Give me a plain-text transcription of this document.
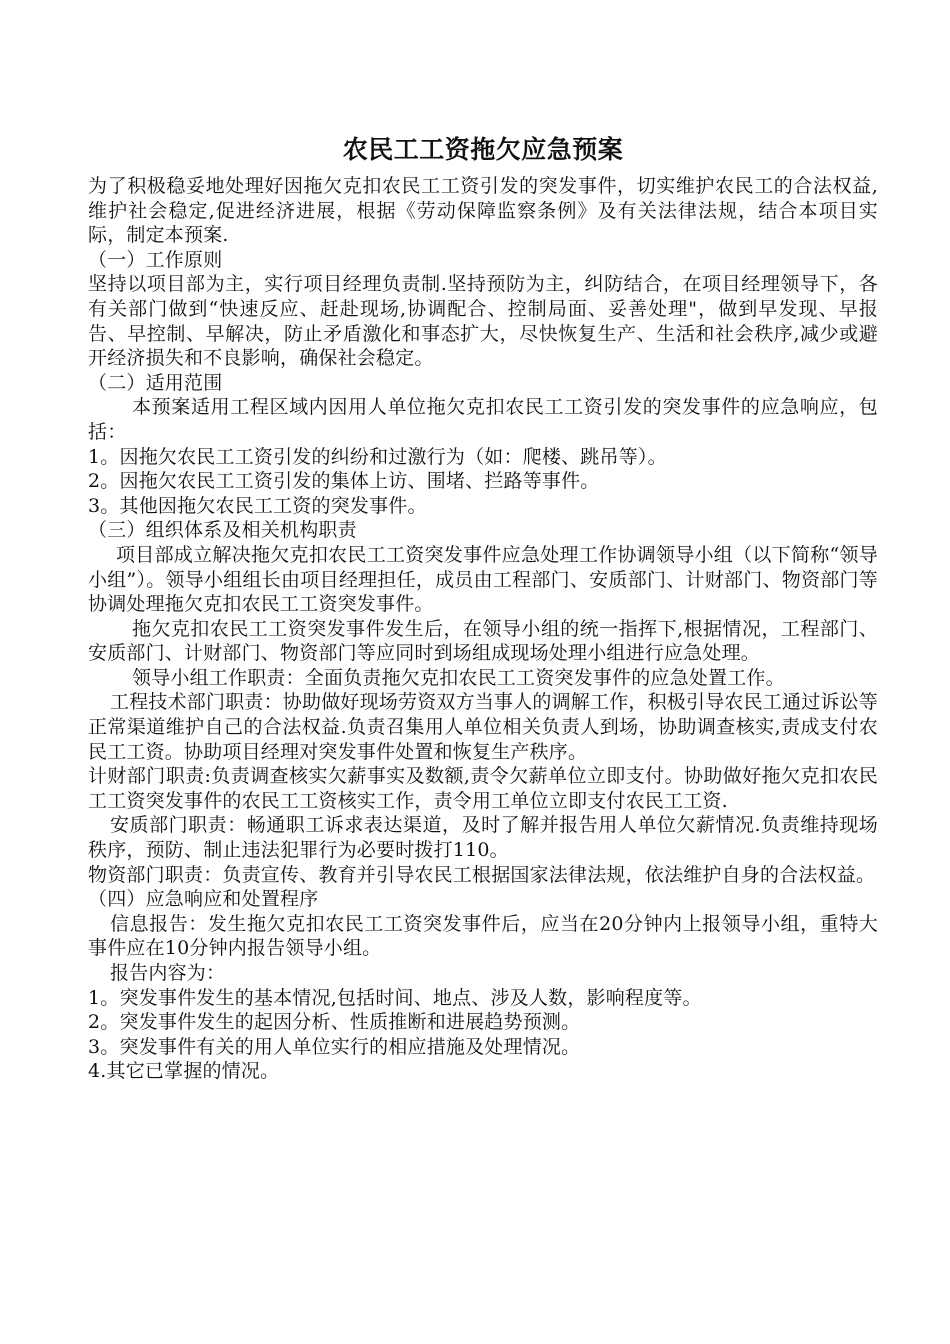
农民工工资拖欠应急预案

为了积极稳妥地处理好因拖欠克扣农民工工资引发的突发事件，切实维护农民工的合法权益,维护社会稳定,促进经济进展，根据《劳动保障监察条例》及有关法律法规，结合本项目实际，制定本预案.

（一）工作原则

坚持以项目部为主，实行项目经理负责制.坚持预防为主，纠防结合，在项目经理领导下，各有关部门做到“快速反应、赶赴现场,协调配合、控制局面、妥善处理"，做到早发现、早报告、早控制、早解决，防止矛盾激化和事态扩大，尽快恢复生产、生活和社会秩序,减少或避开经济损失和不良影响，确保社会稳定。

（二）适用范围

本预案适用工程区域内因用人单位拖欠克扣农民工工资引发的突发事件的应急响应，包括：

1。因拖欠农民工工资引发的纠纷和过激行为（如：爬楼、跳吊等）。

2。因拖欠农民工工资引发的集体上访、围堵、拦路等事件。

3。其他因拖欠农民工工资的突发事件。

（三）组织体系及相关机构职责

项目部成立解决拖欠克扣农民工工资突发事件应急处理工作协调领导小组（以下简称“领导小组”）。领导小组组长由项目经理担任，成员由工程部门、安质部门、计财部门、物资部门等协调处理拖欠克扣农民工工资突发事件。

拖欠克扣农民工工资突发事件发生后，在领导小组的统一指挥下,根据情况，工程部门、安质部门、计财部门、物资部门等应同时到场组成现场处理小组进行应急处理。

领导小组工作职责：全面负责拖欠克扣农民工工资突发事件的应急处置工作。

工程技术部门职责：协助做好现场劳资双方当事人的调解工作，积极引导农民工通过诉讼等正常渠道维护自己的合法权益.负责召集用人单位相关负责人到场，协助调查核实,责成支付农民工工资。协助项目经理对突发事件处置和恢复生产秩序。

计财部门职责:负责调查核实欠薪事实及数额,责令欠薪单位立即支付。协助做好拖欠克扣农民工工资突发事件的农民工工资核实工作，责令用工单位立即支付农民工工资.

安质部门职责：畅通职工诉求表达渠道，及时了解并报告用人单位欠薪情况.负责维持现场秩序，预防、制止违法犯罪行为必要时拨打110。

物资部门职责：负责宣传、教育并引导农民工根据国家法律法规，依法维护自身的合法权益。

（四）应急响应和处置程序

信息报告：发生拖欠克扣农民工工资突发事件后，应当在20分钟内上报领导小组，重特大事件应在10分钟内报告领导小组。

报告内容为：

1。突发事件发生的基本情况,包括时间、地点、涉及人数，影响程度等。

2。突发事件发生的起因分析、性质推断和进展趋势预测。

3。突发事件有关的用人单位实行的相应措施及处理情况。

4.其它已掌握的情况。
